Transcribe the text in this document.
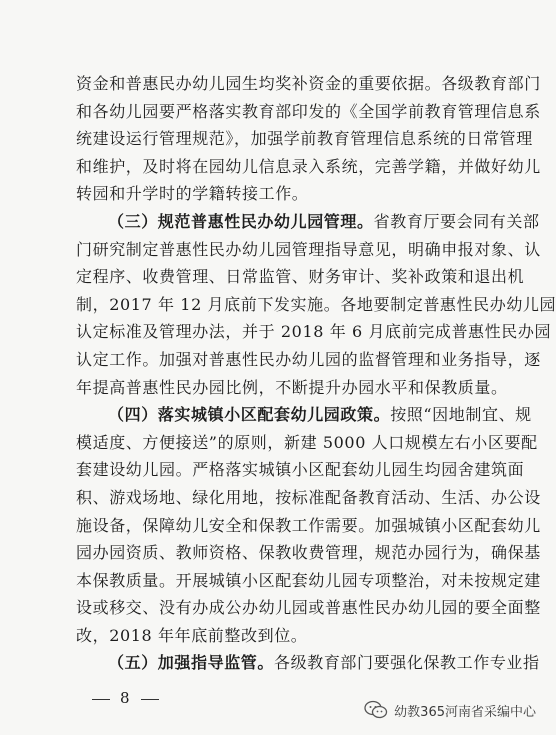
资金和普惠民办幼儿园生均奖补资金的重要依据。各级教育部门
和各幼儿园要严格落实教育部印发的《全国学前教育管理信息系
统建设运行管理规范》，加强学前教育管理信息系统的日常管理
和维护，及时将在园幼儿信息录入系统，完善学籍，并做好幼儿
转园和升学时的学籍转接工作。
（三）规范普惠性民办幼儿园管理。省教育厅要会同有关部
门研究制定普惠性民办幼儿园管理指导意见，明确申报对象、认
定程序、收费管理、日常监管、财务审计、奖补政策和退出机
制，2017 年 12 月底前下发实施。各地要制定普惠性民办幼儿园
认定标准及管理办法，并于 2018 年 6 月底前完成普惠性民办园
认定工作。加强对普惠性民办幼儿园的监督管理和业务指导，逐
年提高普惠性民办园比例，不断提升办园水平和保教质量。
（四）落实城镇小区配套幼儿园政策。按照“因地制宜、规
模适度、方便接送”的原则，新建 5000 人口规模左右小区要配
套建设幼儿园。严格落实城镇小区配套幼儿园生均园舍建筑面
积、游戏场地、绿化用地，按标准配备教育活动、生活、办公设
施设备，保障幼儿安全和保教工作需要。加强城镇小区配套幼儿
园办园资质、教师资格、保教收费管理，规范办园行为，确保基
本保教质量。开展城镇小区配套幼儿园专项整治，对未按规定建
设或移交、没有办成公办幼儿园或普惠性民办幼儿园的要全面整
改，2018 年年底前整改到位。
（五）加强指导监管。各级教育部门要强化保教工作专业指
8
幼教365河南省采编中心
